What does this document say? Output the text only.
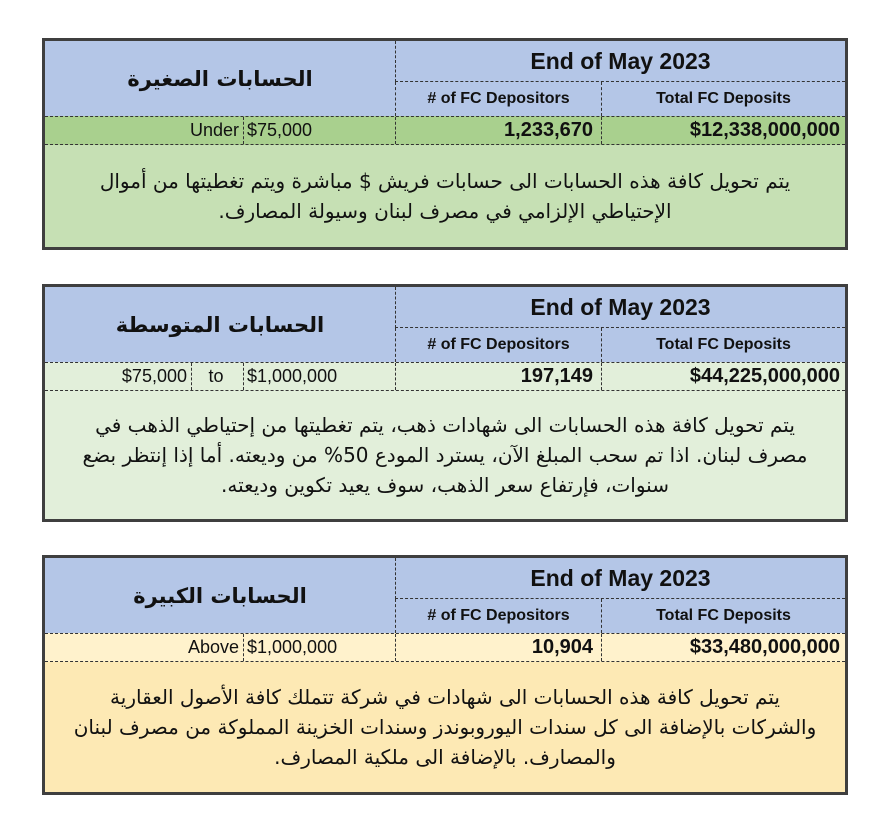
الحسابات الصغيرة
End of May 2023
# of FC Depositors	Total FC Deposits
Under $75,000	1,233,670	$12,338,000,000
يتم تحويل كافة هذه الحسابات الى حسابات فريش $ مباشرة ويتم تغطيتها من أموال الإحتياطي الإلزامي في مصرف لبنان وسيولة المصارف.
الحسابات المتوسطة
End of May 2023
# of FC Depositors	Total FC Deposits
$75,000	to	$1,000,000	197,149	$44,225,000,000
يتم تحويل كافة هذه الحسابات الى شهادات ذهب، يتم تغطيتها من إحتياطي الذهب في مصرف لبنان. اذا تم سحب المبلغ الآن، يسترد المودع 50% من وديعته. أما إذا إنتظر بضع سنوات، فإرتفاع سعر الذهب، سوف يعيد تكوين وديعته.
الحسابات الكبيرة
End of May 2023
# of FC Depositors	Total FC Deposits
Above $1,000,000	10,904	$33,480,000,000
يتم تحويل كافة هذه الحسابات الى شهادات في شركة تتملك كافة الأصول العقارية والشركات بالإضافة الى كل سندات اليوروبوندز وسندات الخزينة المملوكة من مصرف لبنان والمصارف. بالإضافة الى ملكية المصارف.
